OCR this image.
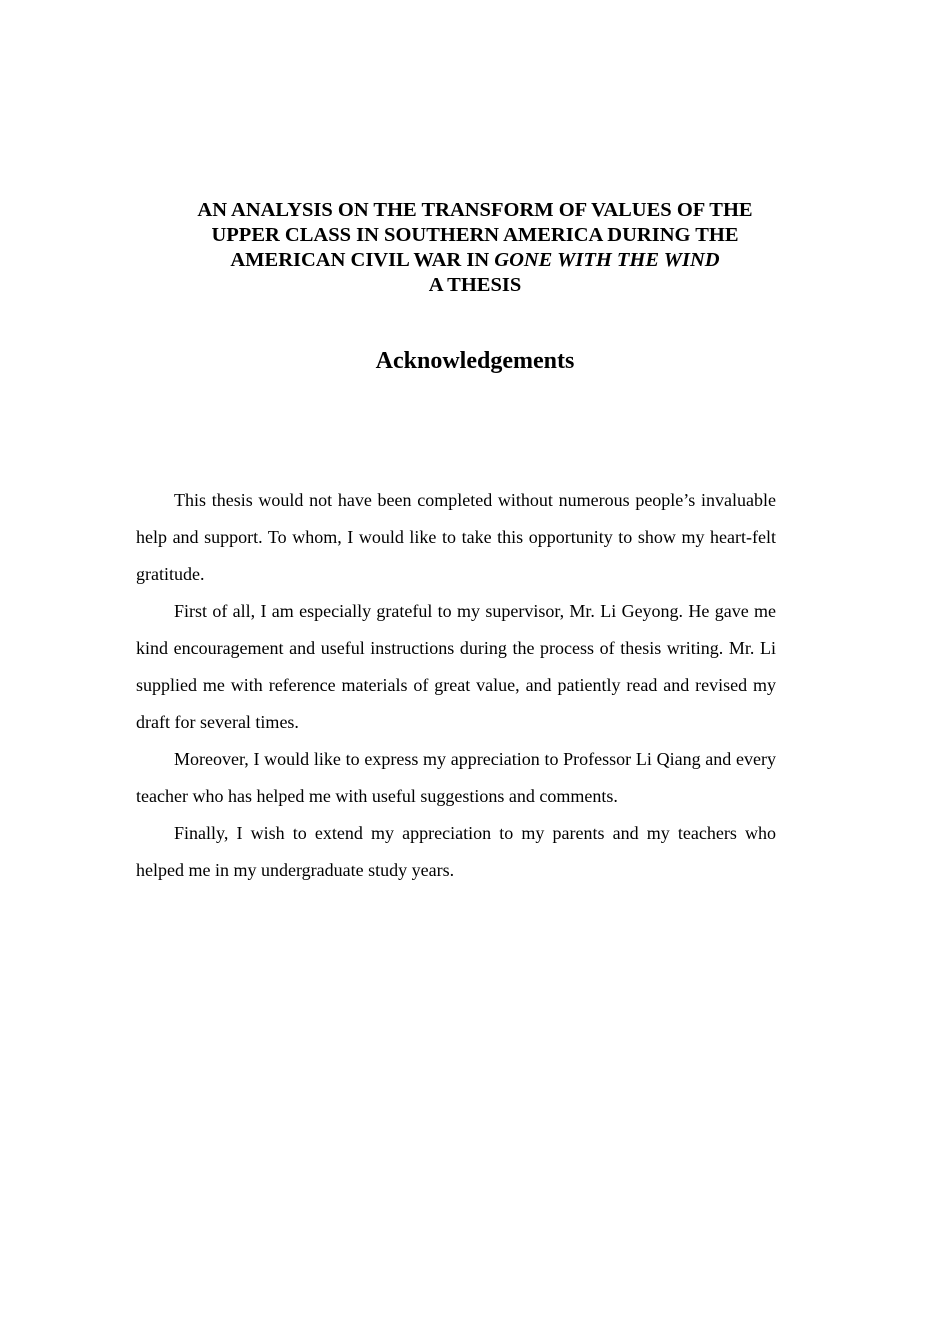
AN ANALYSIS ON THE TRANSFORM OF VALUES OF THE
UPPER CLASS IN SOUTHERN AMERICA DURING THE
AMERICAN CIVIL WAR IN GONE WITH THE WIND
A THESIS
Acknowledgements

This thesis would not have been completed without numerous people’s invaluable help and support. To whom, I would like to take this opportunity to show my heart-felt gratitude.

First of all, I am especially grateful to my supervisor, Mr. Li Geyong. He gave me kind encouragement and useful instructions during the process of thesis writing. Mr. Li supplied me with reference materials of great value, and patiently read and revised my draft for several times.

Moreover, I would like to express my appreciation to Professor Li Qiang and every teacher who has helped me with useful suggestions and comments.

Finally, I wish to extend my appreciation to my parents and my teachers who helped me in my undergraduate study years.
